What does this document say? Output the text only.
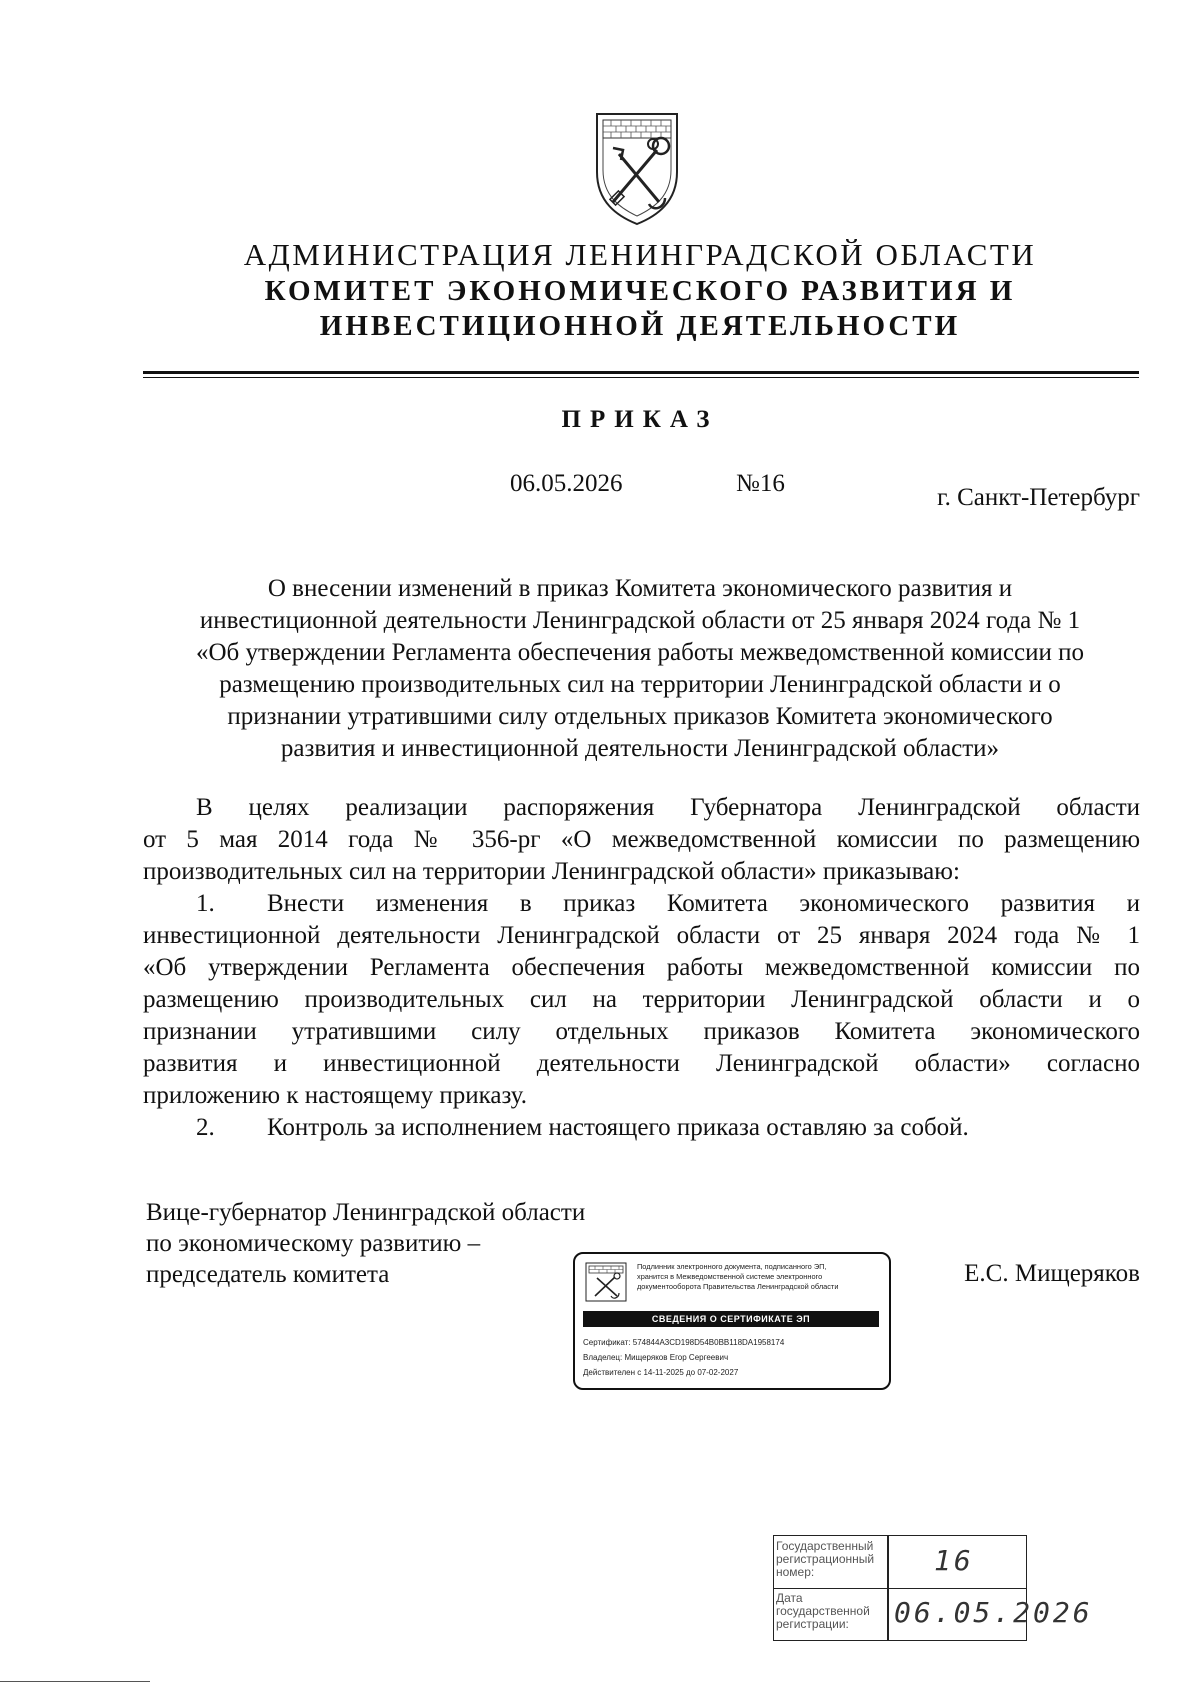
АДМИНИСТРАЦИЯ ЛЕНИНГРАДСКОЙ ОБЛАСТИ
КОМИТЕТ ЭКОНОМИЧЕСКОГО РАЗВИТИЯ И
ИНВЕСТИЦИОННОЙ ДЕЯТЕЛЬНОСТИ
ПРИКАЗ
06.05.2026	№16
г. Санкт-Петербург
О внесении изменений в приказ Комитета экономического развития и
инвестиционной деятельности Ленинградской области от 25 января 2024 года № 1
«Об утверждении Регламента обеспечения работы межведомственной комиссии по
размещению производительных сил на территории Ленинградской области и о
признании утратившими силу отдельных приказов Комитета экономического
развития и инвестиционной деятельности Ленинградской области»
В целях реализации распоряжения Губернатора Ленинградской области
от 5 мая 2014 года № 356-рг «О межведомственной комиссии по размещению
производительных сил на территории Ленинградской области» приказываю:
1. Внести изменения в приказ Комитета экономического развития и
инвестиционной деятельности Ленинградской области от 25 января 2024 года № 1
«Об утверждении Регламента обеспечения работы межведомственной комиссии по
размещению производительных сил на территории Ленинградской области и о
признании утратившими силу отдельных приказов Комитета экономического
развития и инвестиционной деятельности Ленинградской области» согласно
приложению к настоящему приказу.
2. Контроль за исполнением настоящего приказа оставляю за собой.
Вице-губернатор Ленинградской области
по экономическому развитию –
председатель комитета	Е.С. Мищеряков
Подлинник электронного документа, подписанного ЭП,
хранится в Межведомственной системе электронного
документооборота Правительства Ленинградской области
СВЕДЕНИЯ О СЕРТИФИКАТЕ ЭП
Сертификат: 574844A3CD198D54B0BB118DA1958174
Владелец: Мищеряков Егор Сергеевич
Действителен с 14-11-2025 до 07-02-2027
Государственный регистрационный номер:	16
Дата государственной регистрации:	06.05.2026
